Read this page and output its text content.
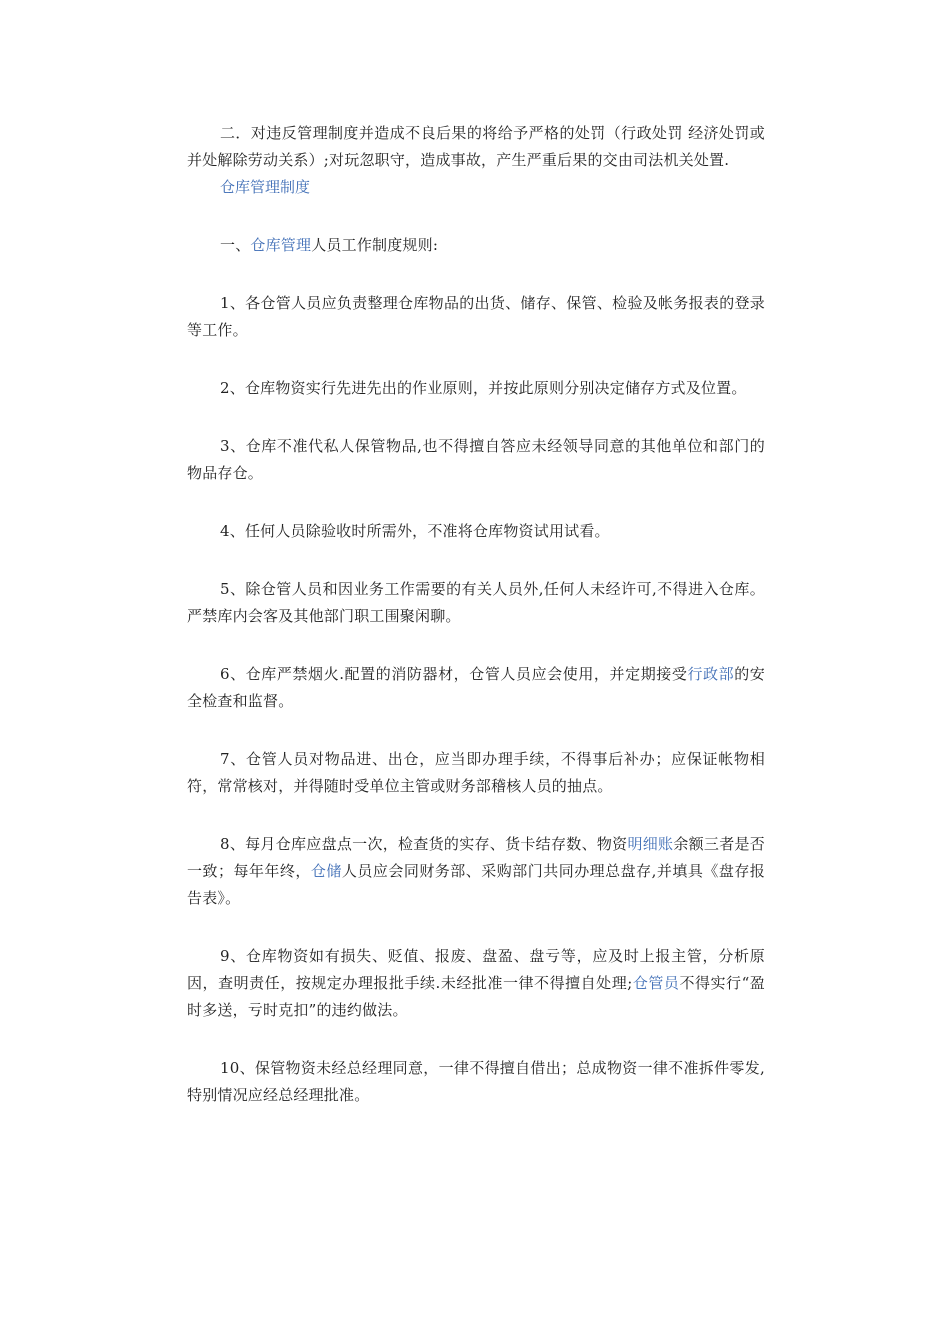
二．对违反管理制度并造成不良后果的将给予严格的处罚（行政处罚 经济处罚或并处解除劳动关系）;对玩忽职守，造成事故，产生严重后果的交由司法机关处置.

仓库管理制度

一、仓库管理人员工作制度规则:

1、各仓管人员应负责整理仓库物品的出货、储存、保管、检验及帐务报表的登录等工作。

2、仓库物资实行先进先出的作业原则，并按此原则分别决定储存方式及位置。

3、仓库不准代私人保管物品,也不得擅自答应未经领导同意的其他单位和部门的物品存仓。

4、任何人员除验收时所需外，不准将仓库物资试用试看。

5、除仓管人员和因业务工作需要的有关人员外,任何人未经许可,不得进入仓库。严禁库内会客及其他部门职工围聚闲聊。

6、仓库严禁烟火.配置的消防器材，仓管人员应会使用，并定期接受行政部的安全检查和监督。

7、仓管人员对物品进、出仓，应当即办理手续，不得事后补办；应保证帐物相符，常常核对，并得随时受单位主管或财务部稽核人员的抽点。

8、每月仓库应盘点一次，检查货的实存、货卡结存数、物资明细账余额三者是否一致；每年年终，仓储人员应会同财务部、采购部门共同办理总盘存,并填具《盘存报告表》。

9、仓库物资如有损失、贬值、报废、盘盈、盘亏等，应及时上报主管，分析原因，查明责任，按规定办理报批手续.未经批准一律不得擅自处理;仓管员不得实行“盈时多送，亏时克扣”的违约做法。

10、保管物资未经总经理同意，一律不得擅自借出；总成物资一律不准拆件零发,特别情况应经总经理批准。
